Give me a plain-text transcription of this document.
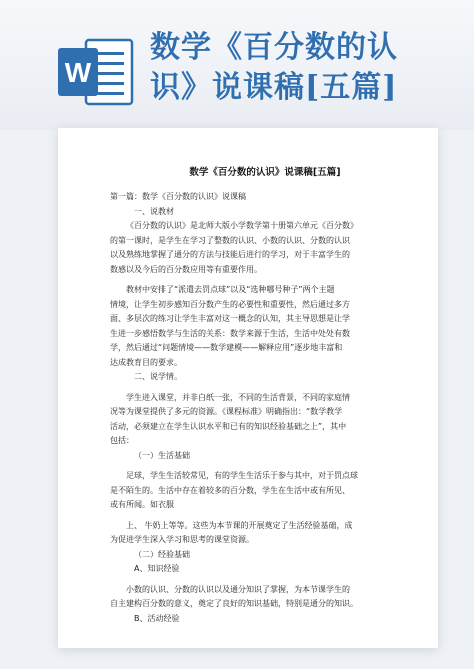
W
数学《百分数的认
识》说课稿[五篇]
数学《百分数的认识》说课稿[五篇]
第一篇：数学《百分数的认识》说课稿
一、说教材
《百分数的认识》是北师大版小学数学第十册第六单元《百分数》
的第一课时，是学生在学习了整数的认识、小数的认识、分数的认识
以及熟练地掌握了通分的方法与技能后进行的学习，对于丰富学生的
数感以及今后的百分数应用等有重要作用。
教材中安排了“派遣去罚点球”以及“选种哪号种子”两个主题
情境，让学生初步感知百分数产生的必要性和重要性，然后通过多方
面、多层次的练习让学生丰富对这一概念的认知，其主导思想是让学
生进一步感悟数学与生活的关系：数学来源于生活，生活中处处有数
学，然后通过“问题情境——数学建模——解释应用”逐步地丰富和
达成教育目的要求。
二、说学情。
学生进入课堂，并非白纸一张，不同的生活背景，不同的家庭情
况等为课堂提供了多元的资源。《课程标准》明确指出：“数学教学
活动，必须建立在学生认识水平和已有的知识经验基础之上”，其中
包括：
（一）生活基础
足球，学生生活较常见，有的学生生活乐于参与其中，对于罚点球
是不陌生的。生活中存在着较多的百分数，学生在生活中或有所见、
或有所闻。如衣服
上、 牛奶上等等。这些为本节课的开展奠定了生活经验基础，成
为促进学生深入学习和思考的课堂资源。
（二）经验基础
A、知识经验
小数的认识、分数的认识以及通分知识了掌握，为本节课学生的
自主建构百分数的意义，奠定了良好的知识基础，特别是通分的知识。
B、活动经验
